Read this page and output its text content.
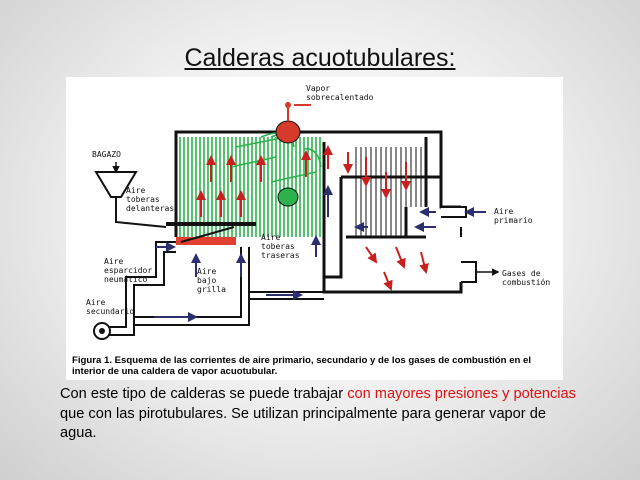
Calderas acuotubulares:
Vapor
sobrecalentado
BAGAZO
Aire
toberas
delanteras
Aire
toberas
traseras
Aire
esparcidor
neumático
Aire
bajo
grilla
Aire
secundario
Aire
primario
Gases de
combustión
Figura 1. Esquema de las corrientes de aire primario, secundario y de los gases de combustión en el interior de una caldera de vapor acuotubular.
Con este tipo de calderas se puede trabajar con mayores presiones y potencias que con las pirotubulares. Se utilizan principalmente para generar vapor de agua.
